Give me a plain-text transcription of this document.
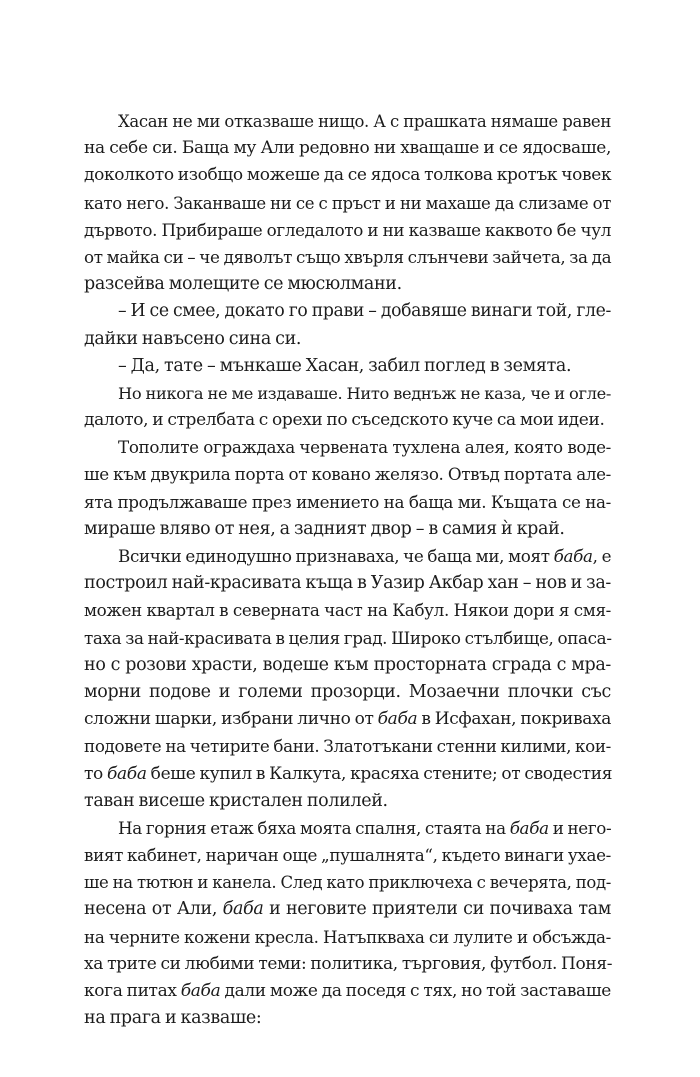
Хасан не ми отказваше нищо. А с прашката нямаше равен
на себе си. Баща му Али редовно ни хващаше и се ядосваше,
доколкото изобщо можеше да се ядоса толкова кротък човек
като него. Заканваше ни се с пръст и ни махаше да слизаме от
дървото. Прибираше огледалото и ни казваше каквото бе чул
от майка си – че дяволът също хвърля слънчеви зайчета, за да
разсейва молещите се мюсюлмани.
– И се смее, докато го прави – добавяше винаги той, гле-
дайки навъсено сина си.
– Да, тате – мънкаше Хасан, забил поглед в земята.
Но никога не ме издаваше. Нито веднъж не каза, че и огле-
далото, и стрелбата с орехи по съседското куче са мои идеи.
Тополите ограждаха червената тухлена алея, която воде-
ше към двукрила порта от ковано желязо. Отвъд портата але-
ята продължаваше през имението на баща ми. Къщата се на-
мираше вляво от нея, а задният двор – в самия ѝ край.
Всички единодушно признаваха, че баща ми, моят баба, е
построил най-красивата къща в Уазир Акбар хан – нов и за-
можен квартал в северната част на Кабул. Някои дори я смя-
таха за най-красивата в целия град. Широко стълбище, опаса-
но с розови храсти, водеше към просторната сграда с мра-
морни подове и големи прозорци. Мозаечни плочки със
сложни шарки, избрани лично от баба в Исфахан, покриваха
подовете на четирите бани. Златотъкани стенни килими, кои-
то баба беше купил в Калкута, красяха стените; от сводестия
таван висеше кристален полилей.
На горния етаж бяха моята спалня, стаята на баба и него-
вият кабинет, наричан още „пушалнята“, където винаги ухае-
ше на тютюн и канела. След като приключеха с вечерята, под-
несена от Али, баба и неговите приятели си почиваха там
на черните кожени кресла. Натъпкваха си лулите и обсъжда-
ха трите си любими теми: политика, търговия, футбол. Поня-
кога питах баба дали може да поседя с тях, но той заставаше
на прага и казваше:
